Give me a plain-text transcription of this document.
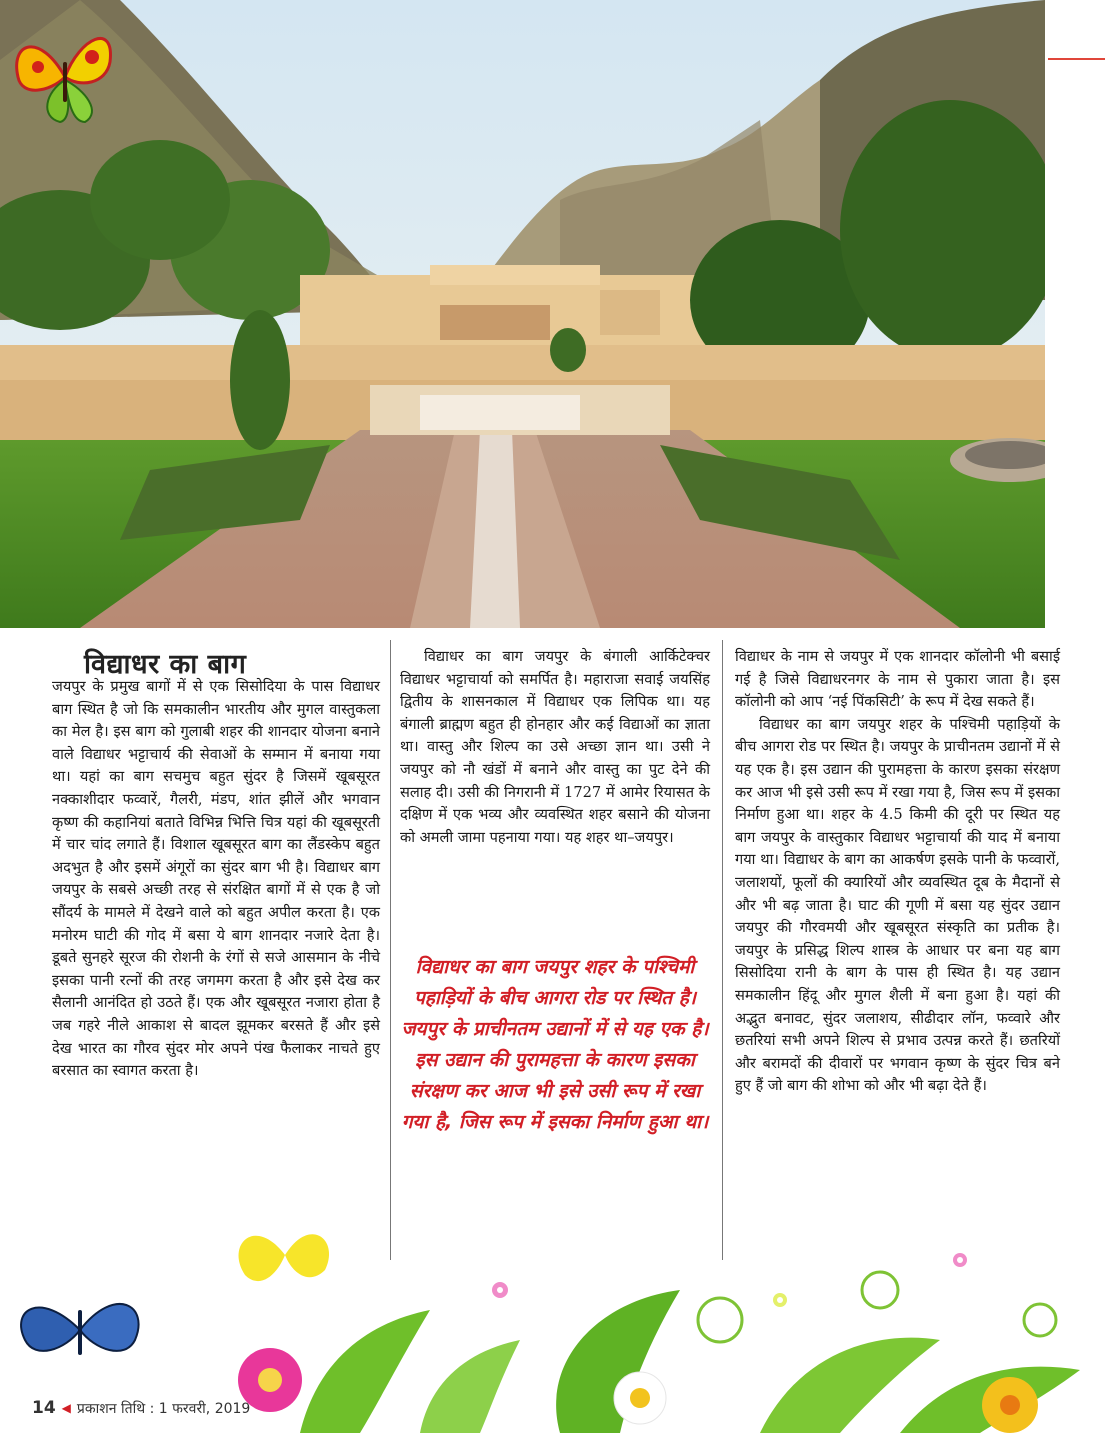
विद्याधर का बाग

जयपुर के प्रमुख बागों में से एक सिसोदिया के पास विद्याधर बाग स्थित है जो कि समकालीन भारतीय और मुगल वास्तुकला का मेल है। इस बाग को गुलाबी शहर की शानदार योजना बनाने वाले विद्याधर भट्टाचार्य की सेवाओं के सम्मान में बनाया गया था। यहां का बाग सचमुच बहुत सुंदर है जिसमें खूबसूरत नक्काशीदार फव्वारें, गैलरी, मंडप, शांत झीलें और भगवान कृष्ण की कहानियां बताते विभिन्न भित्ति चित्र यहां की खूबसूरती में चार चांद लगाते हैं। विशाल खूबसूरत बाग का लैंडस्केप बहुत अदभुत है और इसमें अंगूरों का सुंदर बाग भी है। विद्याधर बाग जयपुर के सबसे अच्छी तरह से संरक्षित बागों में से एक है जो सौंदर्य के मामले में देखने वाले को बहुत अपील करता है। एक मनोरम घाटी की गोद में बसा ये बाग शानदार नजारे देता है। डूबते सुनहरे सूरज की रोशनी के रंगों से सजे आसमान के नीचे इसका पानी रत्नों की तरह जगमग करता है और इसे देख कर सैलानी आनंदित हो उठते हैं। एक और खूबसूरत नजारा होता है जब गहरे नीले आकाश से बादल झूमकर बरसते हैं और इसे देख भारत का गौरव सुंदर मोर अपने पंख फैलाकर नाचते हुए बरसात का स्वागत करता है।

विद्याधर का बाग जयपुर के बंगाली आर्किटेक्चर विद्याधर भट्टाचार्या को समर्पित है। महाराजा सवाई जयसिंह द्वितीय के शासनकाल में विद्याधर एक लिपिक था। यह बंगाली ब्राह्मण बहुत ही होनहार और कई विद्याओं का ज्ञाता था। वास्तु और शिल्प का उसे अच्छा ज्ञान था। उसी ने जयपुर को नौ खंडों में बनाने और वास्तु का पुट देने की सलाह दी। उसी की निगरानी में 1727 में आमेर रियासत के दक्षिण में एक भव्य और व्यवस्थित शहर बसाने की योजना को अमली जामा पहनाया गया। यह शहर था–जयपुर।

विद्याधर का बाग जयपुर शहर के पश्चिमी पहाड़ियों के बीच आगरा रोड पर स्थित है। जयपुर के प्राचीनतम उद्यानों में से यह एक है। इस उद्यान की पुरामहत्ता के कारण इसका संरक्षण कर आज भी इसे उसी रूप में रखा गया है, जिस रूप में इसका निर्माण हुआ था।

विद्याधर के नाम से जयपुर में एक शानदार कॉलोनी भी बसाई गई है जिसे विद्याधरनगर के नाम से पुकारा जाता है। इस कॉलोनी को आप ‘नई पिंकसिटी’ के रूप में देख सकते हैं।

विद्याधर का बाग जयपुर शहर के पश्चिमी पहाड़ियों के बीच आगरा रोड पर स्थित है। जयपुर के प्राचीनतम उद्यानों में से यह एक है। इस उद्यान की पुरामहत्ता के कारण इसका संरक्षण कर आज भी इसे उसी रूप में रखा गया है, जिस रूप में इसका निर्माण हुआ था। शहर के 4.5 किमी की दूरी पर स्थित यह बाग जयपुर के वास्तुकार विद्याधर भट्टाचार्या की याद में बनाया गया था। विद्याधर के बाग का आकर्षण इसके पानी के फव्वारों, जलाशयों, फूलों की क्यारियों और व्यवस्थित दूब के मैदानों से और भी बढ़ जाता है। घाट की गूणी में बसा यह सुंदर उद्यान जयपुर की गौरवमयी और खूबसूरत संस्कृति का प्रतीक है। जयपुर के प्रसिद्ध शिल्प शास्त्र के आधार पर बना यह बाग सिसोदिया रानी के बाग के पास ही स्थित है। यह उद्यान समकालीन हिंदू और मुगल शैली में बना हुआ है। यहां की अद्भुत बनावट, सुंदर जलाशय, सीढीदार लॉन, फव्वारे और छतरियां सभी अपने शिल्प से प्रभाव उत्पन्न करते हैं। छतरियों और बरामदों की दीवारों पर भगवान कृष्ण के सुंदर चित्र बने हुए हैं जो बाग की शोभा को और भी बढ़ा देते हैं।

14 ◀ प्रकाशन तिथि : 1 फरवरी, 2019
